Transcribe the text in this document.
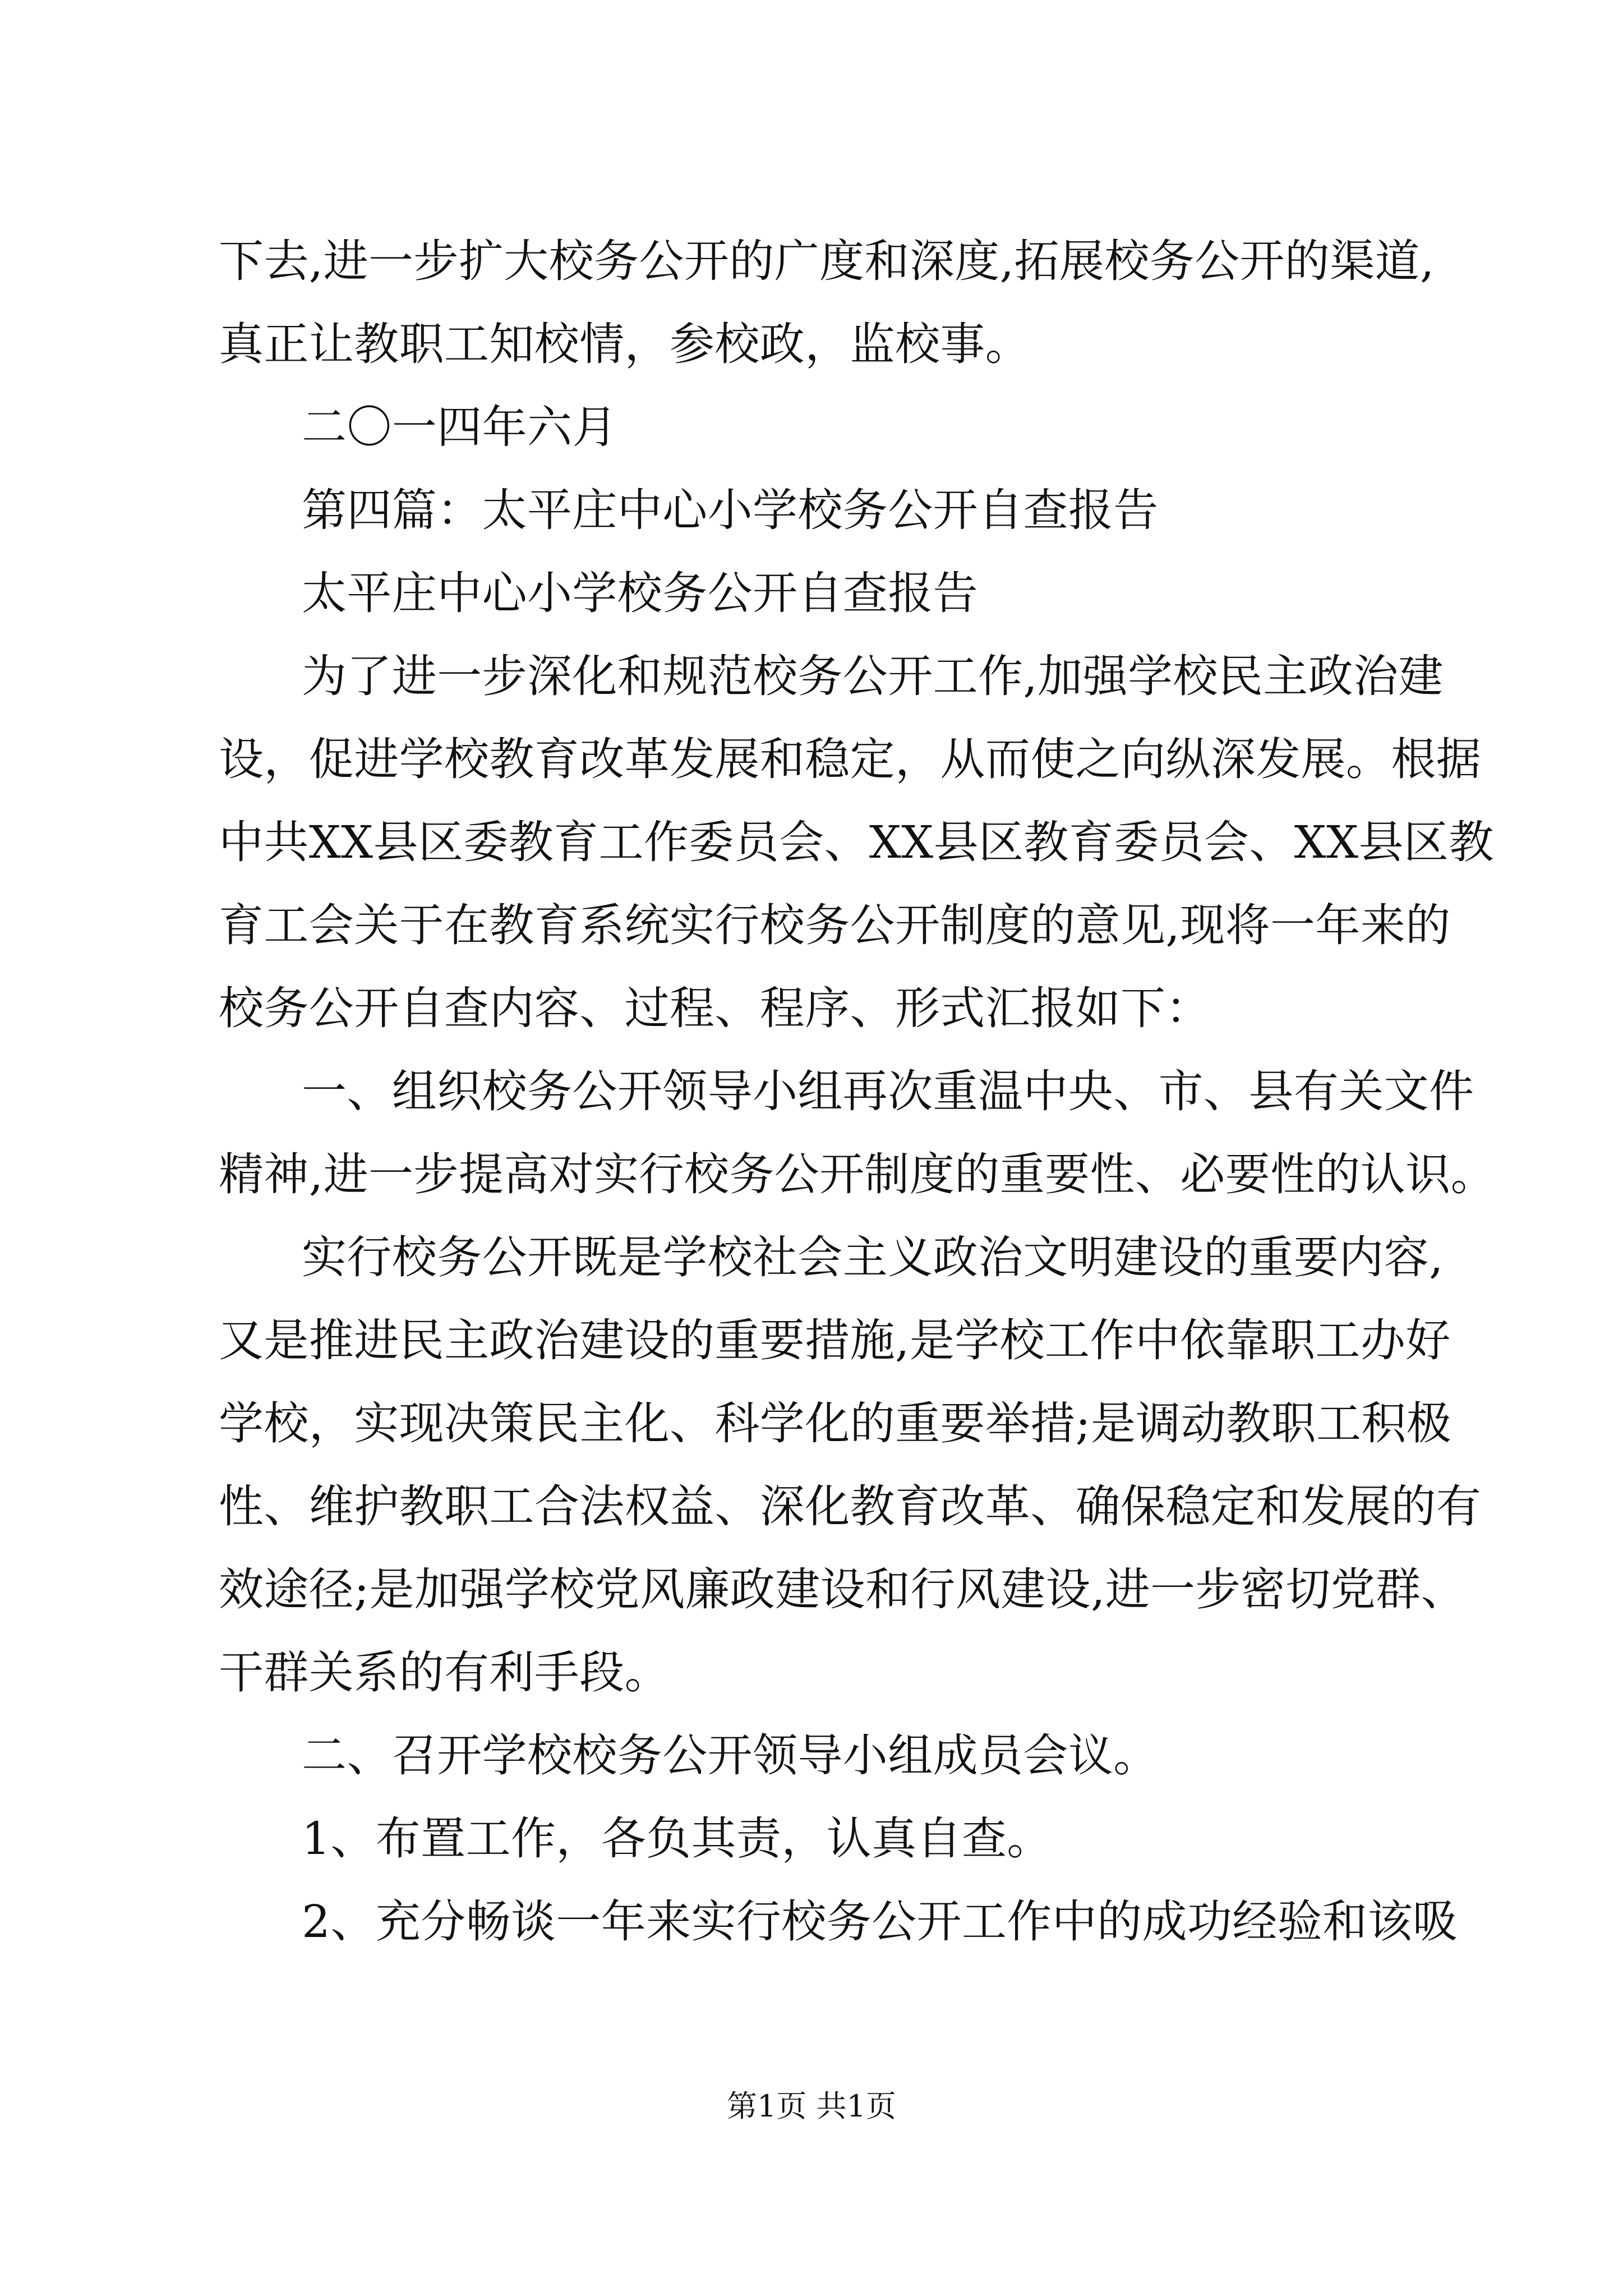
下去,进一步扩大校务公开的广度和深度,拓展校务公开的渠道,
真正让教职工知校情，参校政，监校事。
二〇一四年六月
第四篇：太平庄中心小学校务公开自查报告
太平庄中心小学校务公开自查报告
为了进一步深化和规范校务公开工作,加强学校民主政治建
设，促进学校教育改革发展和稳定，从而使之向纵深发展。根据
中共XX县区委教育工作委员会、XX县区教育委员会、XX县区教
育工会关于在教育系统实行校务公开制度的意见,现将一年来的
校务公开自查内容、过程、程序、形式汇报如下：
一、组织校务公开领导小组再次重温中央、市、县有关文件
精神,进一步提高对实行校务公开制度的重要性、必要性的认识。
实行校务公开既是学校社会主义政治文明建设的重要内容,
又是推进民主政治建设的重要措施,是学校工作中依靠职工办好
学校，实现决策民主化、科学化的重要举措;是调动教职工积极
性、维护教职工合法权益、深化教育改革、确保稳定和发展的有
效途径;是加强学校党风廉政建设和行风建设,进一步密切党群、
干群关系的有利手段。
二、召开学校校务公开领导小组成员会议。
1、布置工作，各负其责，认真自查。
2、充分畅谈一年来实行校务公开工作中的成功经验和该吸
第1页 共1页
